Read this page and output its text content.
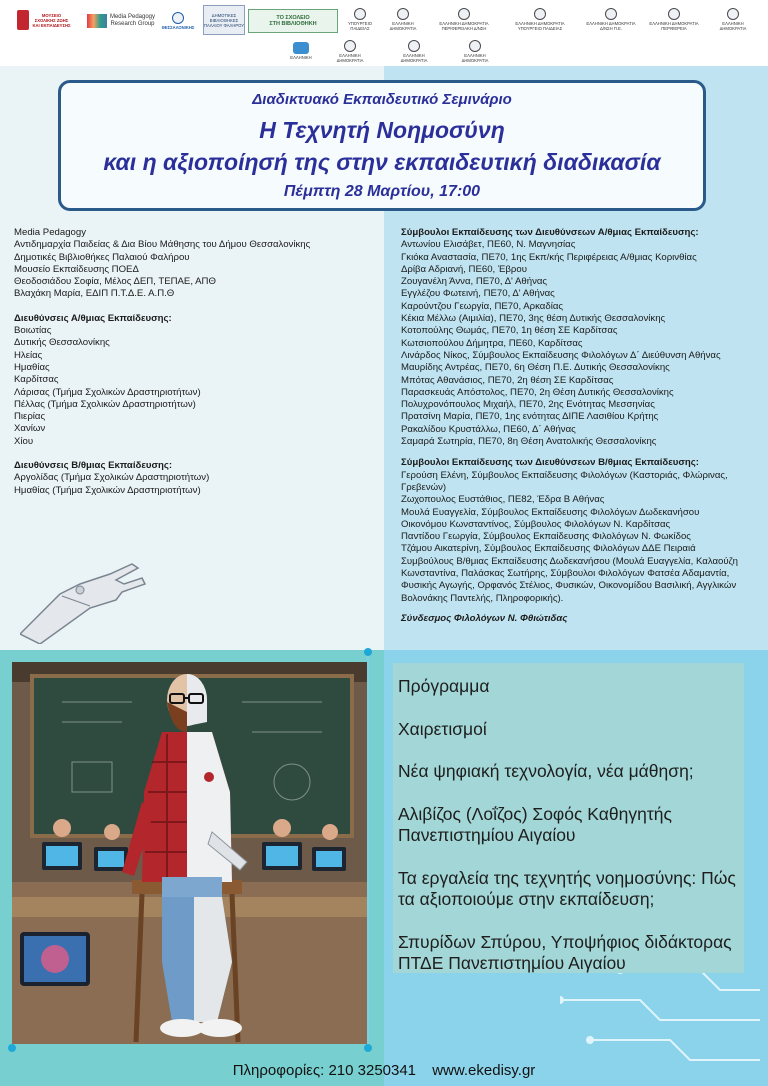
ΜΟΥΣΕΙΟ
ΣΧΟΛΙΚΗΣ ΖΩΗΣ
ΚΑΙ ΕΚΠΑΙΔΕΥΣΗΣ
Media Pedagogy
Research Group
ΘΕΣΣΑΛΟΝΙΚΗΣ
ΔΗΜΟΤΙΚΕΣ
ΒΙΒΛΙΟΘΗΚΕΣ
ΠΑΛΑΙΟΥ ΦΑΛΗΡΟΥ
ΤΟ ΣΧΟΛΕΙΟ
ΣΤΗ ΒΙΒΛΙΟΘΗΚΗ	ΥΠΟΥΡΓΕΙΟ
ΠΑΙΔΕΙΑΣ
ΕΛΛΗΝΙΚΗ
ΔΗΜΟΚΡΑΤΙΑ
ΕΛΛΗΝΙΚΗ ΔΗΜΟΚΡΑΤΙΑ
ΠΕΡΙΦΕΡΕΙΑΚΗ Δ/ΝΣΗ
ΕΛΛΗΝΙΚΗ ΔΗΜΟΚΡΑΤΙΑ
ΥΠΟΥΡΓΕΙΟ ΠΑΙΔΕΙΑΣ
ΕΛΛΗΝΙΚΗ ΔΗΜΟΚΡΑΤΙΑ
Δ/ΝΣΗ Π.Ε.
ΕΛΛΗΝΙΚΗ ΔΗΜΟΚΡΑΤΙΑ
ΠΕΡΙΦΕΡΕΙΑ
ΕΛΛΗΝΙΚΗ
ΔΗΜΟΚΡΑΤΙΑ
ΕΛΛΗΝΙΚΗ	ΕΛΛΗΝΙΚΗ
ΔΗΜΟΚΡΑΤΙΑ
ΕΛΛΗΝΙΚΗ
ΔΗΜΟΚΡΑΤΙΑ
ΕΛΛΗΝΙΚΗ
ΔΗΜΟΚΡΑΤΙΑ
Διαδικτυακό Εκπαιδευτικό Σεμινάριο
Η Τεχνητή Νοημοσύνη
και η αξιοποίησή της στην εκπαιδευτική διαδικασία
Πέμπτη 28 Μαρτίου, 17:00
Media Pedagogy
Αντιδημαρχία Παιδείας & Δια Βίου Μάθησης του Δήμου Θεσσαλονίκης
Δημοτικές Βιβλιοθήκες Παλαιού Φαλήρου
Μουσείο Εκπαίδευσης ΠΟΕΔ
Θεοδοσιάδου Σοφία, Μέλος ΔΕΠ, ΤΕΠΑΕ, ΑΠΘ
Βλαχάκη Μαρία, ΕΔΙΠ Π.Τ.Δ.Ε. Α.Π.Θ
Διευθύνσεις Α/θμιας Εκπαίδευσης:
Βοιωτίας
Δυτικής Θεσσαλονίκης
Ηλείας
Ημαθίας
Καρδίτσας
Λάρισας (Τμήμα Σχολικών Δραστηριοτήτων)
Πέλλας (Τμήμα Σχολικών Δραστηριοτήτων)
Πιερίας
Χανίων
Χίου
Διευθύνσεις Β/θμιας Εκπαίδευσης:
Αργολίδας (Τμήμα Σχολικών Δραστηριοτήτων)
Ημαθίας (Τμήμα Σχολικών Δραστηριοτήτων)
Σύμβουλοι Εκπαίδευσης των Διευθύνσεων Α/θμιας Εκπαίδευσης:
Αντωνίου Ελισάβετ, ΠΕ60, Ν. Μαγνησίας
Γκιόκα Αναστασία, ΠΕ70, 1ης Εκπ/κής Περιφέρειας Α/θμιας Κορινθίας
Δρίβα Αδριανή, ΠΕ60, Έβρου
Ζουγανέλη Άννα, ΠΕ70, Δ' Αθήνας
Εγγλέζου Φωτεινή, ΠΕ70, Δ' Αθήνας
Καρούντζου Γεωργία, ΠΕ70, Αρκαδίας
Κέκια Μέλλω (Αιμιλία), ΠΕ70, 3ης θέση Δυτικής Θεσσαλονίκης
Κοτοπούλης Θωμάς, ΠΕ70, 1η θέση ΣΕ Καρδίτσας
Κωτσιοπούλου Δήμητρα, ΠΕ60, Καρδίτσας
Λινάρδος Νίκος, Σύμβουλος Εκπαίδευσης Φιλολόγων Δ΄ Διεύθυνση Αθήνας
Μαυρίδης Αντρέας, ΠΕ70, 6η Θέση Π.Ε. Δυτικής Θεσσαλονίκης
Μπότας Αθανάσιος, ΠΕ70, 2η θέση ΣΕ Καρδίτσας
Παρασκευάς Απόστολος, ΠΕ70, 2η Θέση Δυτικής Θεσσαλονίκης
Πολυχρονόπουλος Μιχαήλ, ΠΕ70, 2ης Ενότητας Μεσσηνίας
Πρατσίνη Μαρία, ΠΕ70, 1ης ενότητας ΔΙΠΕ Λασιθίου Κρήτης
Ρακαλίδου Κρυστάλλω, ΠΕ60, Δ΄ Αθήνας
Σαμαρά Σωτηρία, ΠΕ70, 8η Θέση Ανατολικής Θεσσαλονίκης
Σύμβουλοι Εκπαίδευσης των Διευθύνσεων Β/θμιας Εκπαίδευσης:
Γερούση Ελένη, Σύμβουλος Εκπαίδευσης Φιλολόγων (Καστοριάς, Φλώρινας, Γρεβενών)
Ζωχοπουλος Ευστάθιος, ΠΕ82, Έδρα Β Αθήνας
Μουλά Ευαγγελία, Σύμβουλος Εκπαίδευσης Φιλολόγων Δωδεκανήσου
Οικονόμου Κωνσταντίνος, Σύμβουλος Φιλολόγων Ν. Καρδίτσας
Παντίδου Γεωργία, Σύμβουλος Εκπαίδευσης Φιλολόγων Ν. Φωκίδος
Τζάμου Αικατερίνη, Σύμβουλος Εκπαίδευσης Φιλολόγων ΔΔΕ Πειραιά
Συμβούλους Β/θμιας Εκπαίδευσης Δωδεκανήσου (Μουλά Ευαγγελία, Καλαούζη Κωνσταντίνα, Παλάσκας Σωτήρης, Σύμβουλοι Φιλολόγων Φατσέα Αδαμαντία, Φυσικής Αγωγής, Ορφανός Στέλιος, Φυσικών, Οικονομίδου Βασιλική, Αγγλικών Βολονάκης Παντελής, Πληροφορικής).
Σύνδεσμος Φιλολόγων Ν. Φθιώτιδας
Πρόγραμμα
Χαιρετισμοί
Νέα ψηφιακή τεχνολογία, νέα μάθηση;
Αλιβίζος (Λοΐζος) Σοφός Καθηγητής Πανεπιστημίου Αιγαίου
Τα εργαλεία της τεχνητής νοημοσύνης: Πώς τα αξιοποιούμε στην εκπαίδευση;
Σπυρίδων Σπύρου, Υποψήφιος διδάκτορας ΠΤΔΕ Πανεπιστημίου Αιγαίου
Πληροφορίες: 210 3250341 www.ekedisy.gr
